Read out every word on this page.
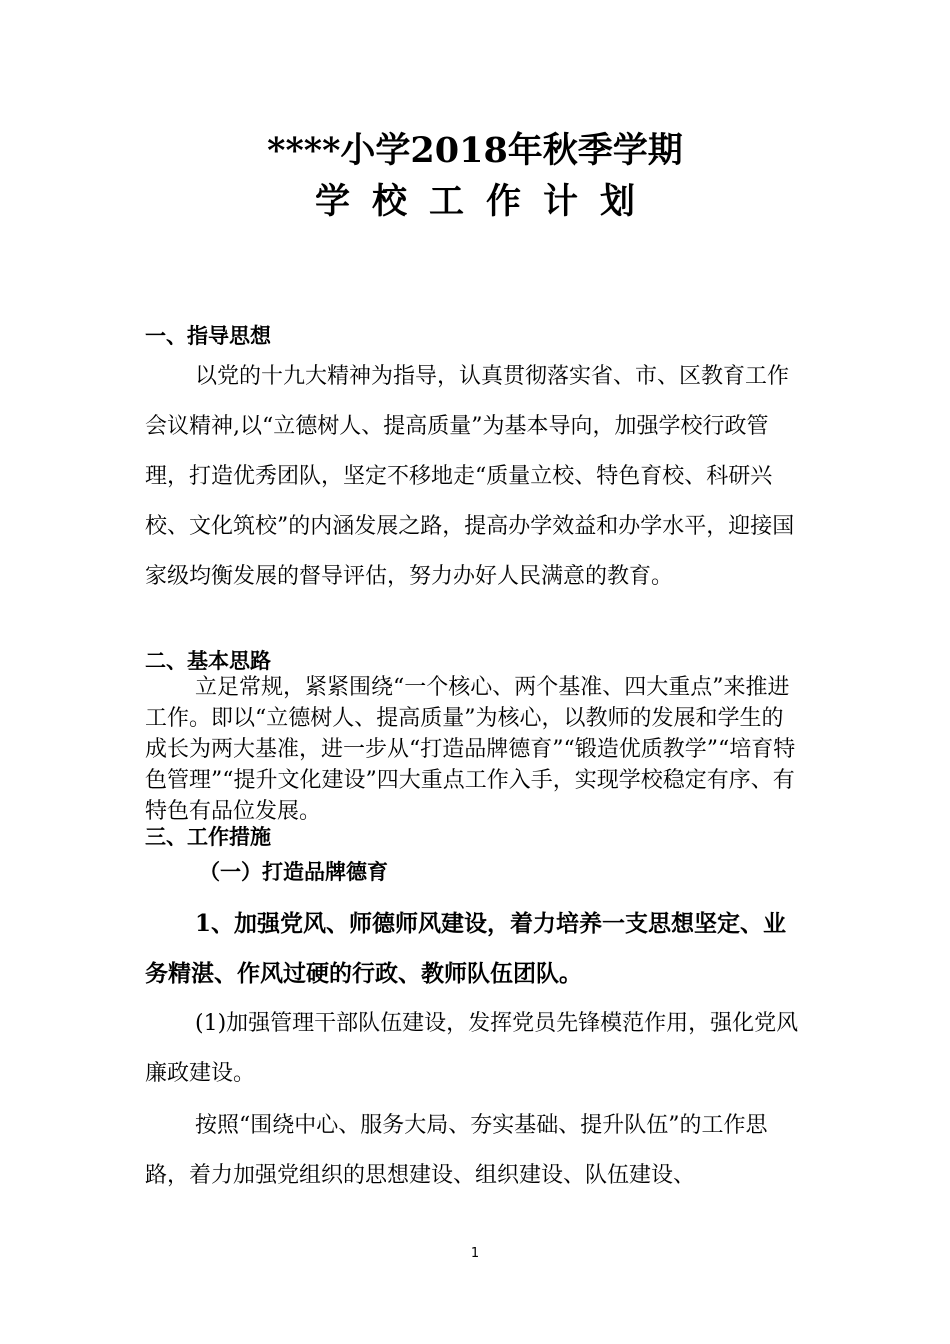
****小学2018年秋季学期
学校工作计划
一、指导思想
以党的十九大精神为指导，认真贯彻落实省、市、区教育工作会议精神,以“立德树人、提高质量”为基本导向，加强学校行政管理，打造优秀团队，坚定不移地走“质量立校、特色育校、科研兴校、文化筑校”的内涵发展之路，提高办学效益和办学水平，迎接国家级均衡发展的督导评估，努力办好人民满意的教育。
二、基本思路
立足常规，紧紧围绕“一个核心、两个基准、四大重点”来推进工作。即以“立德树人、提高质量”为核心，以教师的发展和学生的成长为两大基准，进一步从“打造品牌德育”“锻造优质教学”“培育特色管理”“提升文化建设”四大重点工作入手，实现学校稳定有序、有特色有品位发展。
三、工作措施
（一）打造品牌德育
1、加强党风、师德师风建设，着力培养一支思想坚定、业务精湛、作风过硬的行政、教师队伍团队。
(1)加强管理干部队伍建设，发挥党员先锋模范作用，强化党风廉政建设。
按照“围绕中心、服务大局、夯实基础、提升队伍”的工作思路，着力加强党组织的思想建设、组织建设、队伍建设、
1
